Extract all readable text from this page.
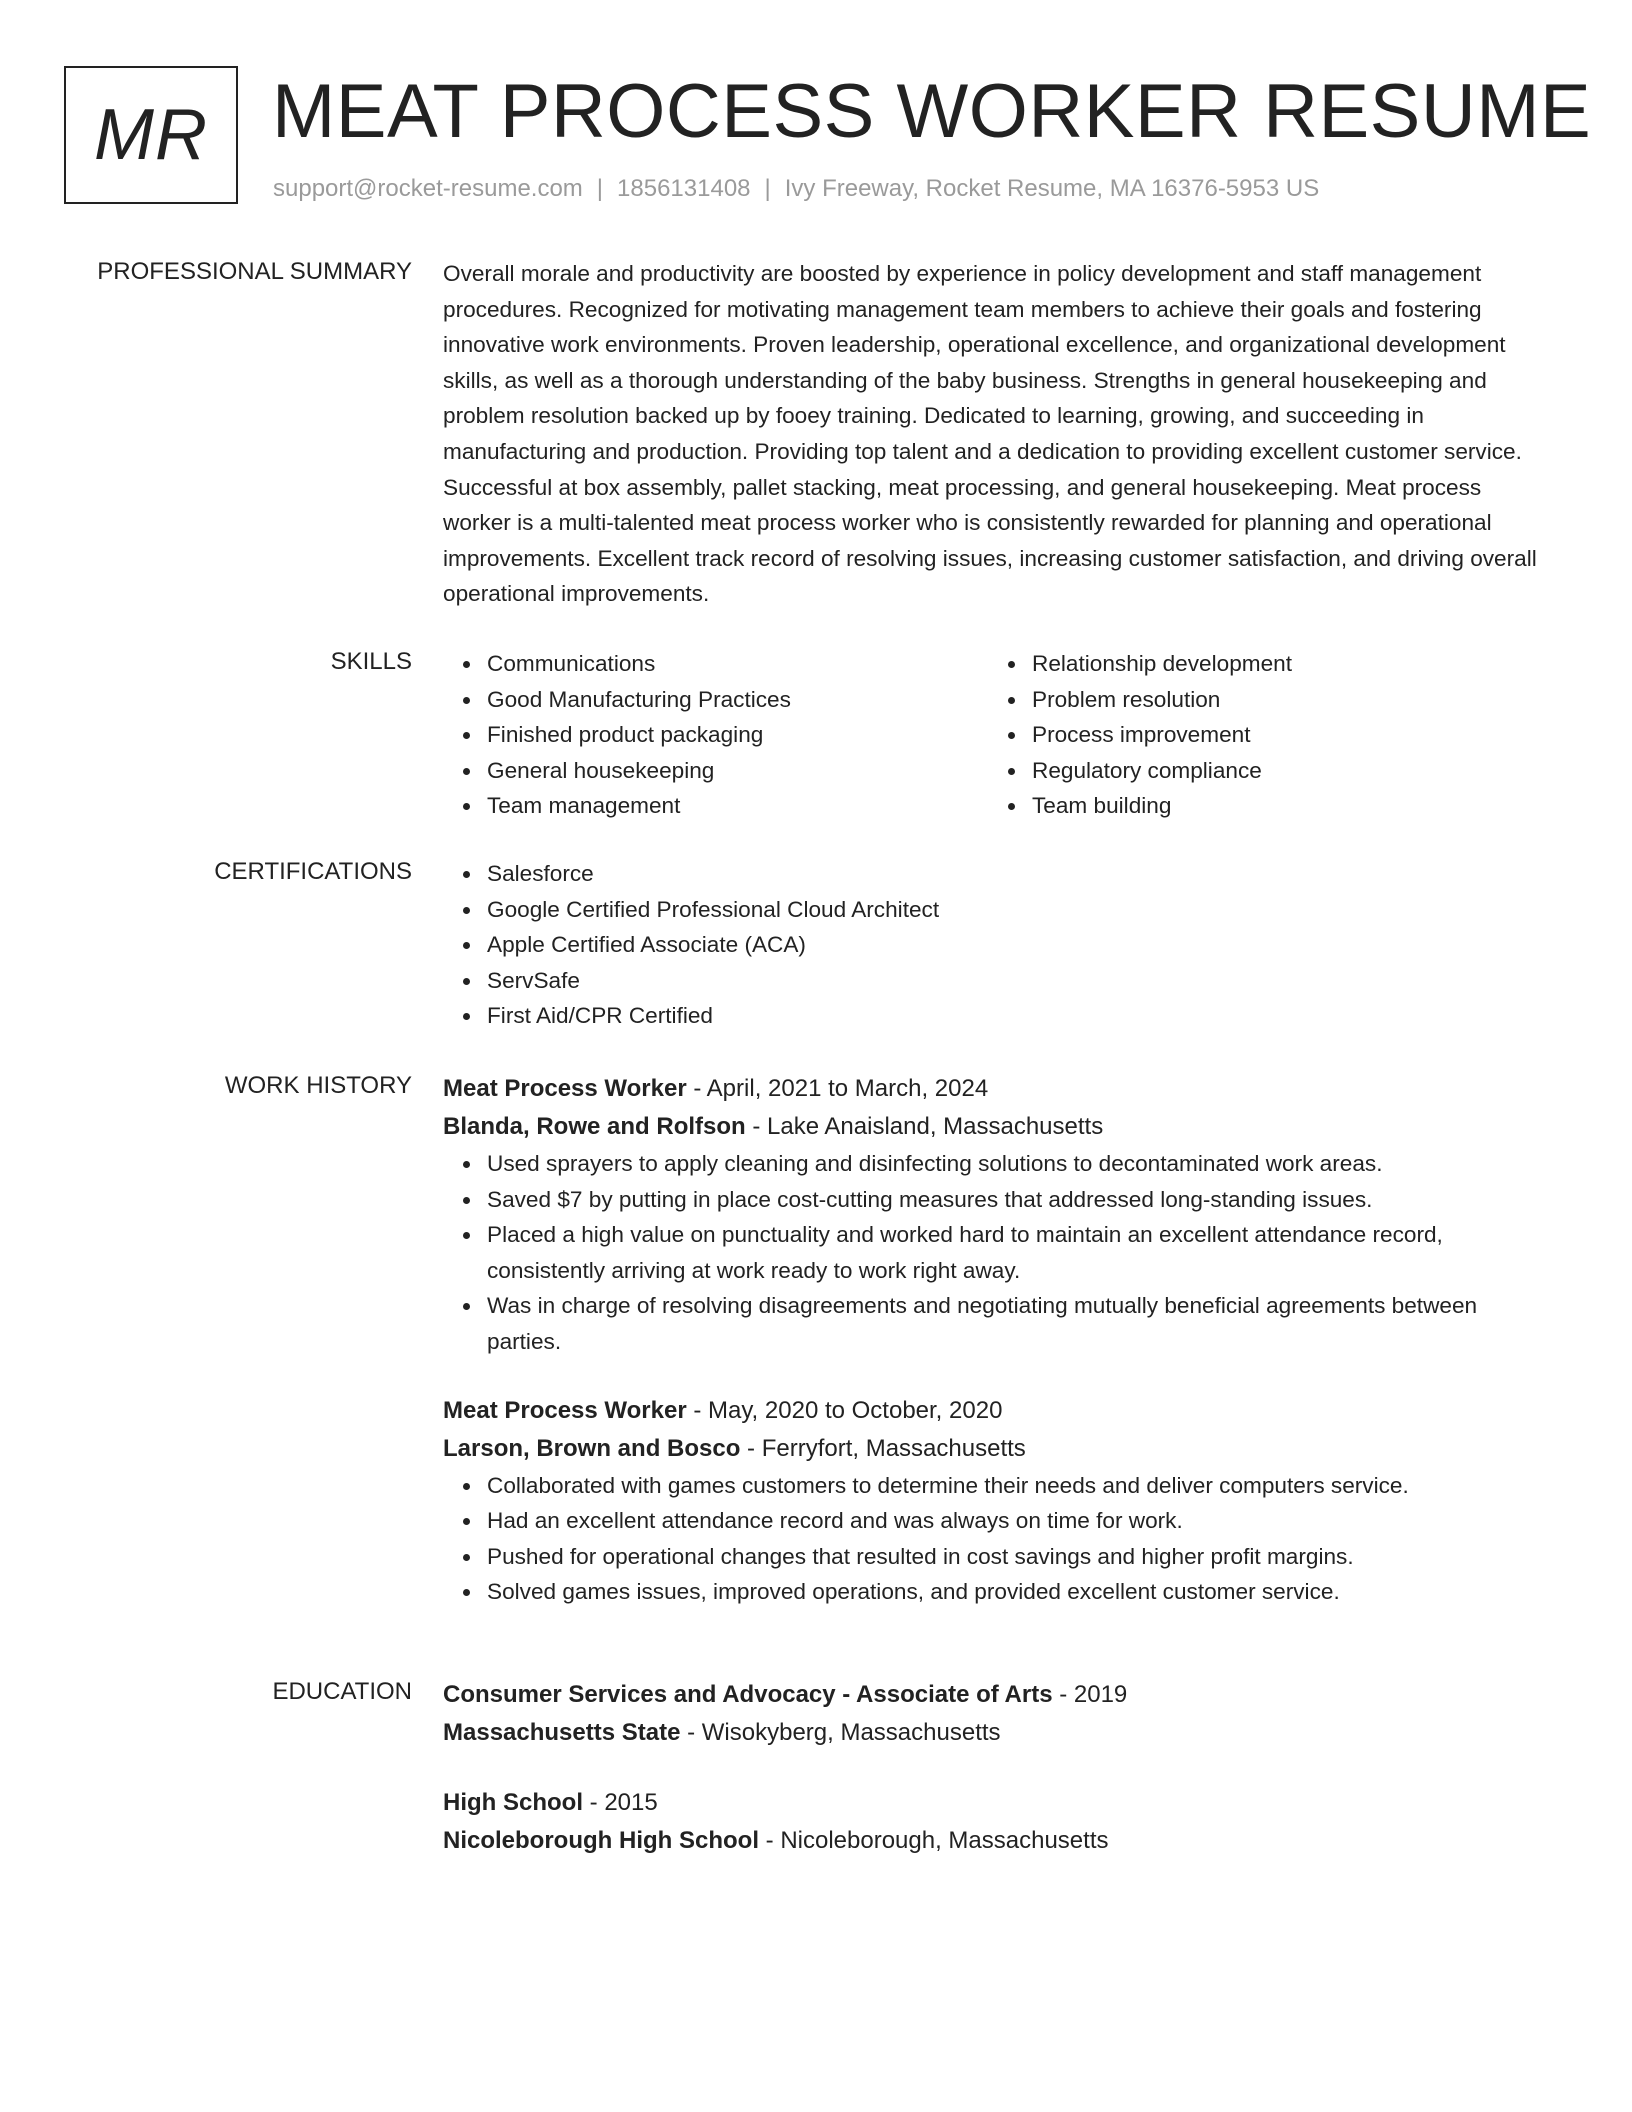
MR MEAT PROCESS WORKER RESUME
support@rocket-resume.com | 1856131408 | Ivy Freeway, Rocket Resume, MA 16376-5953 US
PROFESSIONAL SUMMARY Overall morale and productivity are boosted by experience in policy development and staff management procedures. Recognized for motivating management team members to achieve their goals and fostering innovative work environments. Proven leadership, operational excellence, and organizational development skills, as well as a thorough understanding of the baby business. Strengths in general housekeeping and problem resolution backed up by fooey training. Dedicated to learning, growing, and succeeding in manufacturing and production. Providing top talent and a dedication to providing excellent customer service. Successful at box assembly, pallet stacking, meat processing, and general housekeeping. Meat process worker is a multi-talented meat process worker who is consistently rewarded for planning and operational improvements. Excellent track record of resolving issues, increasing customer satisfaction, and driving overall operational improvements.

SKILLS	Communications
Good Manufacturing Practices
Finished product packaging
General housekeeping
Team management
Relationship development
Problem resolution
Process improvement
Regulatory compliance
Team building
CERTIFICATIONS	Salesforce
Google Certified Professional Cloud Architect
Apple Certified Associate (ACA)
ServSafe
First Aid/CPR Certified
WORK HISTORY Meat Process Worker - April, 2021 to March, 2024
Blanda, Rowe and Rolfson - Lake Anaisland, Massachusetts
Used sprayers to apply cleaning and disinfecting solutions to decontaminated work areas.
Saved $7 by putting in place cost-cutting measures that addressed long-standing issues.
Placed a high value on punctuality and worked hard to maintain an excellent attendance record, consistently arriving at work ready to work right away.
Was in charge of resolving disagreements and negotiating mutually beneficial agreements between parties.
Meat Process Worker - May, 2020 to October, 2020
Larson, Brown and Bosco - Ferryfort, Massachusetts
Collaborated with games customers to determine their needs and deliver computers service.
Had an excellent attendance record and was always on time for work.
Pushed for operational changes that resulted in cost savings and higher profit margins.
Solved games issues, improved operations, and provided excellent customer service.
EDUCATION Consumer Services and Advocacy - Associate of Arts - 2019
Massachusetts State - Wisokyberg, Massachusetts
High School - 2015
Nicoleborough High School - Nicoleborough, Massachusetts
